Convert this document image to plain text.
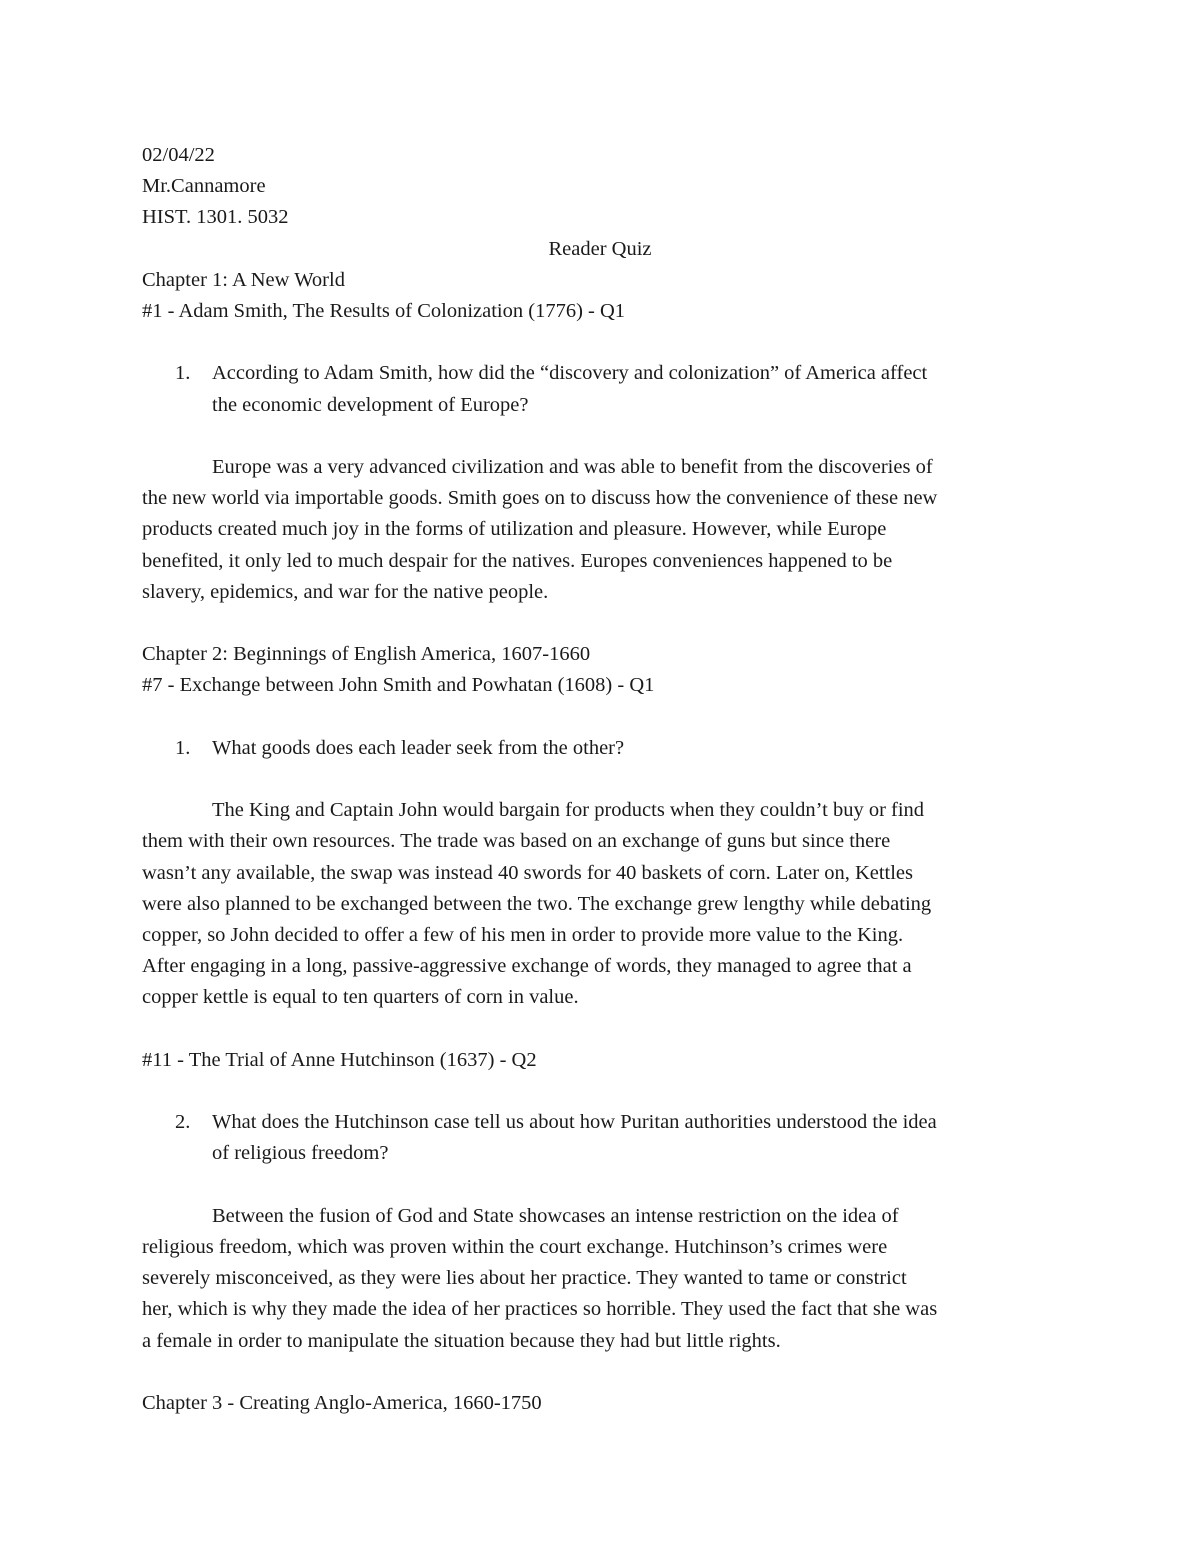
02/04/22

Mr.Cannamore

HIST. 1301. 5032

Reader Quiz

Chapter 1: A New World

#1 - Adam Smith, The Results of Colonization (1776) - Q1

1.	According to Adam Smith, how did the “discovery and colonization” of America affect
the economic development of Europe?
Europe was a very advanced civilization and was able to benefit from the discoveries of
the new world via importable goods. Smith goes on to discuss how the convenience of these new
products created much joy in the forms of utilization and pleasure. However, while Europe
benefited, it only led to much despair for the natives. Europes conveniences happened to be
slavery, epidemics, and war for the native people.

Chapter 2: Beginnings of English America, 1607-1660

#7 - Exchange between John Smith and Powhatan (1608) - Q1

1.	What goods does each leader seek from the other?
The King and Captain John would bargain for products when they couldn’t buy or find
them with their own resources. The trade was based on an exchange of guns but since there
wasn’t any available, the swap was instead 40 swords for 40 baskets of corn. Later on, Kettles
were also planned to be exchanged between the two. The exchange grew lengthy while debating
copper, so John decided to offer a few of his men in order to provide more value to the King.
After engaging in a long, passive-aggressive exchange of words, they managed to agree that a
copper kettle is equal to ten quarters of corn in value.

#11 - The Trial of Anne Hutchinson (1637) - Q2

2.	What does the Hutchinson case tell us about how Puritan authorities understood the idea
of religious freedom?
Between the fusion of God and State showcases an intense restriction on the idea of
religious freedom, which was proven within the court exchange. Hutchinson’s crimes were
severely misconceived, as they were lies about her practice. They wanted to tame or constrict
her, which is why they made the idea of her practices so horrible. They used the fact that she was
a female in order to manipulate the situation because they had but little rights.

Chapter 3 - Creating Anglo-America, 1660-1750
